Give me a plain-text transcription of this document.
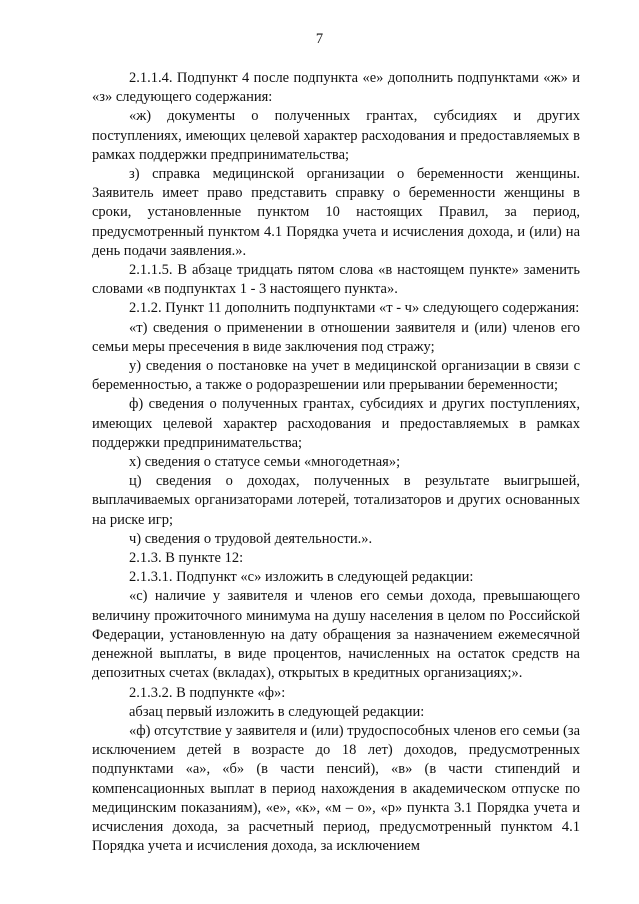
7

2.1.1.4. Подпункт 4 после подпункта «е» дополнить подпунктами «ж» и «з» следующего содержания:

«ж) документы о полученных грантах, субсидиях и других поступлениях, имеющих целевой характер расходования и предоставляемых в рамках поддержки предпринимательства;

з) справка медицинской организации о беременности женщины. Заявитель имеет право представить справку о беременности женщины в сроки, установленные пунктом 10 настоящих Правил, за период, предусмотренный пунктом 4.1 Порядка учета и исчисления дохода, и (или) на день подачи заявления.».

2.1.1.5. В абзаце тридцать пятом слова «в настоящем пункте» заменить словами «в подпунктах 1 - 3 настоящего пункта».

2.1.2. Пункт 11 дополнить подпунктами «т - ч» следующего содержания:

«т) сведения о применении в отношении заявителя и (или) членов его семьи меры пресечения в виде заключения под стражу;

у) сведения о постановке на учет в медицинской организации в связи с беременностью, а также о родоразрешении или прерывании беременности;

ф) сведения о полученных грантах, субсидиях и других поступлениях, имеющих целевой характер расходования и предоставляемых в рамках поддержки предпринимательства;

х) сведения о статусе семьи «многодетная»;

ц) сведения о доходах, полученных в результате выигрышей, выплачиваемых организаторами лотерей, тотализаторов и других основанных на риске игр;

ч) сведения о трудовой деятельности.».

2.1.3. В пункте 12:

2.1.3.1. Подпункт «с» изложить в следующей редакции:

«с) наличие у заявителя и членов его семьи дохода, превышающего величину прожиточного минимума на душу населения в целом по Российской Федерации, установленную на дату обращения за назначением ежемесячной денежной выплаты, в виде процентов, начисленных на остаток средств на депозитных счетах (вкладах), открытых в кредитных организациях;».

2.1.3.2. В подпункте «ф»:

абзац первый изложить в следующей редакции:

«ф) отсутствие у заявителя и (или) трудоспособных членов его семьи (за исключением детей в возрасте до 18 лет) доходов, предусмотренных подпунктами «а», «б» (в части пенсий), «в» (в части стипендий и компенсационных выплат в период нахождения в академическом отпуске по медицинским показаниям), «е», «к», «м – о», «р» пункта 3.1 Порядка учета и исчисления дохода, за расчетный период, предусмотренный пунктом 4.1 Порядка учета и исчисления дохода, за исключением
